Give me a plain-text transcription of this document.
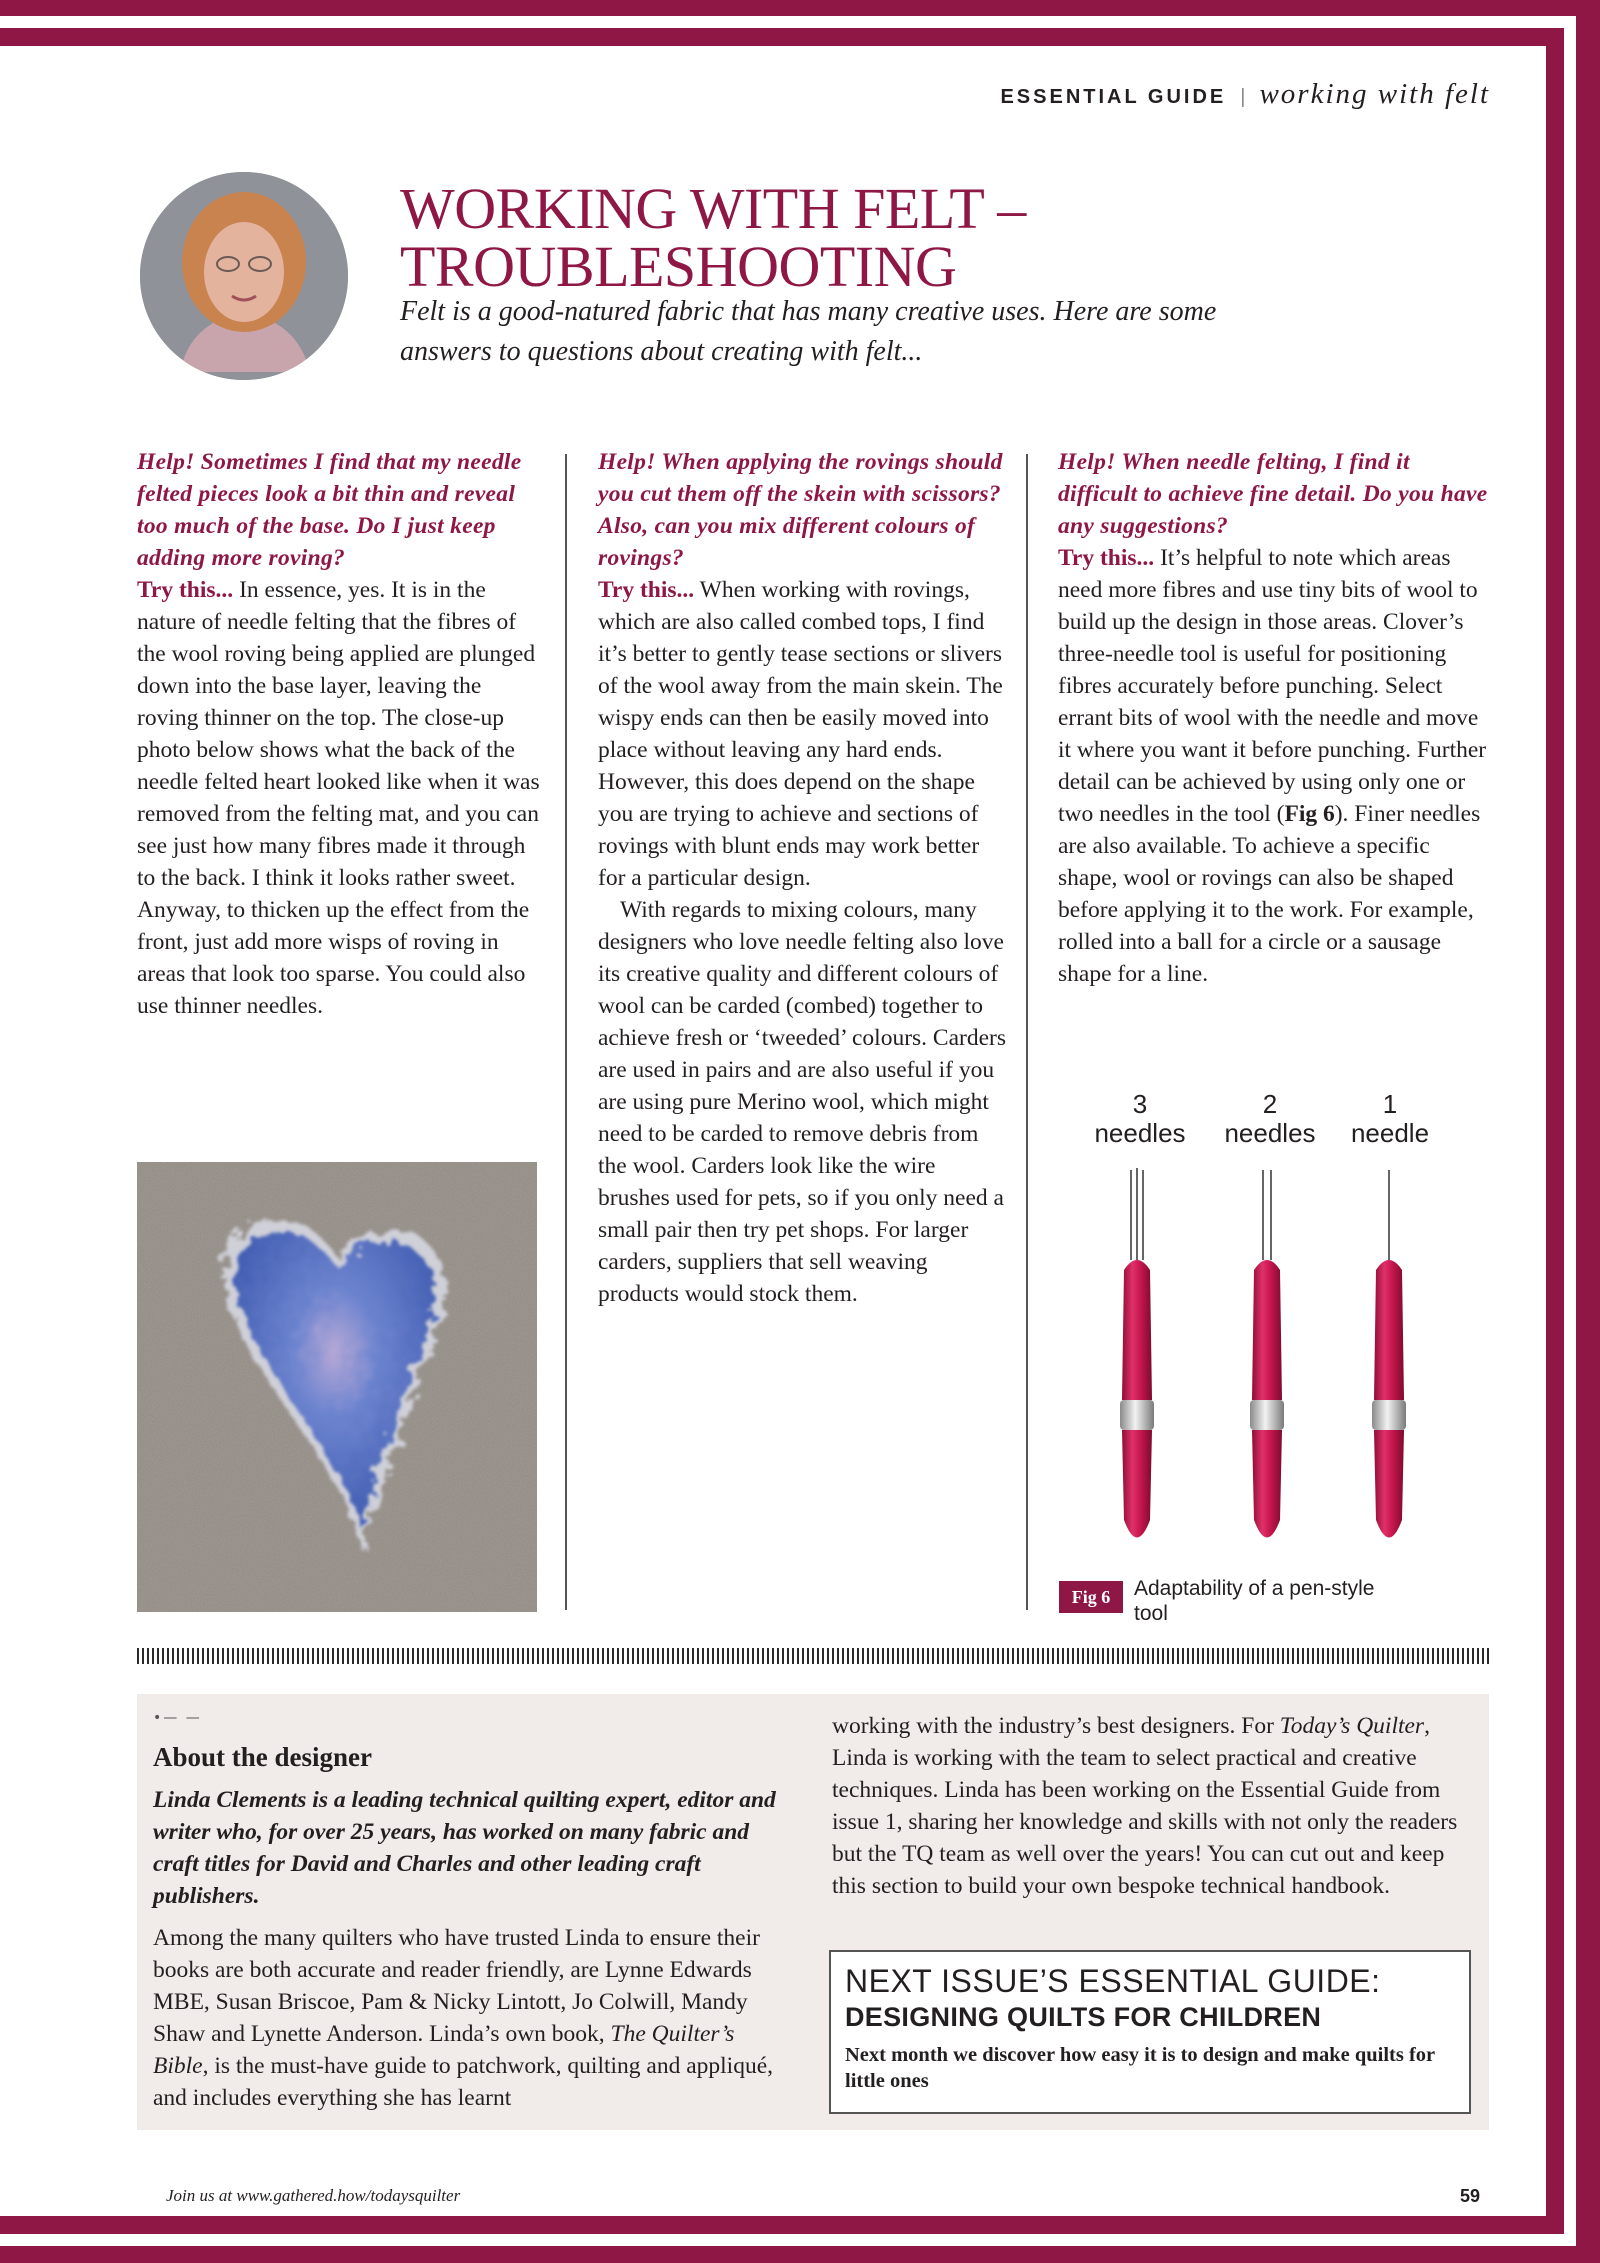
ESSENTIAL GUIDE | working with felt
WORKING WITH FELT –
TROUBLESHOOTING

Felt is a good-natured fabric that has many creative uses. Here are some answers to questions about creating with felt...

Help! Sometimes I find that my needle felted pieces look a bit thin and reveal too much of the base. Do I just keep adding more roving?

Try this... In essence, yes. It is in the nature of needle felting that the fibres of the wool roving being applied are plunged down into the base layer, leaving the roving thinner on the top. The close-up photo below shows what the back of the needle felted heart looked like when it was removed from the felting mat, and you can see just how many fibres made it through to the back. I think it looks rather sweet. Anyway, to thicken up the effect from the front, just add more wisps of roving in areas that look too sparse. You could also use thinner needles.

Help! When applying the rovings should you cut them off the skein with scissors? Also, can you mix different colours of rovings?

Try this... When working with rovings, which are also called combed tops, I find it’s better to gently tease sections or slivers of the wool away from the main skein. The wispy ends can then be easily moved into place without leaving any hard ends. However, this does depend on the shape you are trying to achieve and sections of rovings with blunt ends may work better for a particular design.

With regards to mixing colours, many designers who love needle felting also love its creative quality and different colours of wool can be carded (combed) together to achieve fresh or ‘tweeded’ colours. Carders are used in pairs and are also useful if you are using pure Merino wool, which might need to be carded to remove debris from the wool. Carders look like the wire brushes used for pets, so if you only need a small pair then try pet shops. For larger carders, suppliers that sell weaving products would stock them.

Help! When needle felting, I find it difficult to achieve fine detail. Do you have any suggestions?

Try this... It’s helpful to note which areas need more fibres and use tiny bits of wool to build up the design in those areas. Clover’s three-needle tool is useful for positioning fibres accurately before punching. Select errant bits of wool with the needle and move it where you want it before punching. Further detail can be achieved by using only one or two needles in the tool (Fig 6). Finer needles are also available. To achieve a specific shape, wool or rovings can also be shaped before applying it to the work. For example, rolled into a ball for a circle or a sausage shape for a line.

3
needles
2
needles
1
needle
Fig 6	Adaptability of a pen-style tool
•— —
About the designer

Linda Clements is a leading technical quilting expert, editor and writer who, for over 25 years, has worked on many fabric and craft titles for David and Charles and other leading craft publishers.

Among the many quilters who have trusted Linda to ensure their books are both accurate and reader friendly, are Lynne Edwards MBE, Susan Briscoe, Pam & Nicky Lintott, Jo Colwill, Mandy Shaw and Lynette Anderson. Linda’s own book, The Quilter’s Bible, is the must-have guide to patchwork, quilting and appliqué, and includes everything she has learnt

working with the industry’s best designers. For Today’s Quilter, Linda is working with the team to select practical and creative techniques. Linda has been working on the Essential Guide from issue 1, sharing her knowledge and skills with not only the readers but the TQ team as well over the years! You can cut out and keep this section to build your own bespoke technical handbook.

NEXT ISSUE’S ESSENTIAL GUIDE:

DESIGNING QUILTS FOR CHILDREN

Next month we discover how easy it is to design and make quilts for little ones

Join us at www.gathered.how/todaysquilter	59
